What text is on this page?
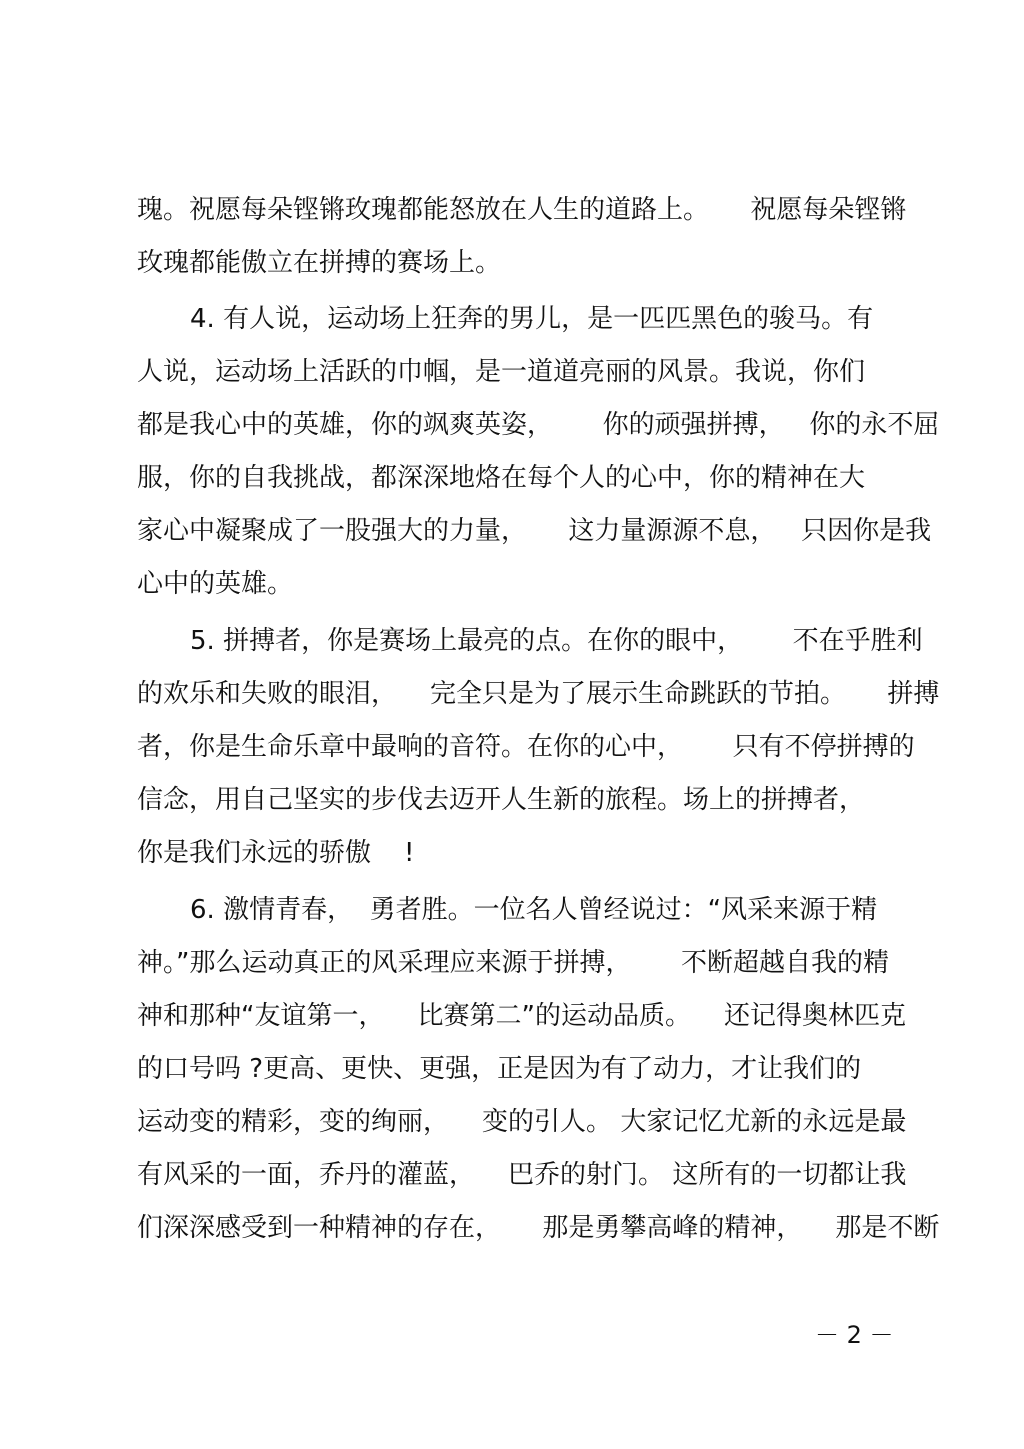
瑰。祝愿每朵铿锵玫瑰都能怒放在人生的道路上。     祝愿每朵铿锵
玫瑰都能傲立在拼搏的赛场上。
4. 有人说，运动场上狂奔的男儿，是一匹匹黑色的骏马。有
人说，运动场上活跃的巾帼，是一道道亮丽的风景。我说，你们
都是我心中的英雄，你的飒爽英姿，      你的顽强拼搏，   你的永不屈
服，你的自我挑战，都深深地烙在每个人的心中，你的精神在大
家心中凝聚成了一股强大的力量，     这力量源源不息，   只因你是我
心中的英雄。
5. 拼搏者，你是赛场上最亮的点。在你的眼中，      不在乎胜利
的欢乐和失败的眼泪，    完全只是为了展示生命跳跃的节拍。     拼搏
者，你是生命乐章中最响的音符。在你的心中，      只有不停拼搏的
信念，用自己坚实的步伐去迈开人生新的旅程。场上的拼搏者，
你是我们永远的骄傲    !
6. 激情青春，  勇者胜。一位名人曾经说过：“风采来源于精
神。”那么运动真正的风采理应来源于拼搏，      不断超越自我的精
神和那种“友谊第一，    比赛第二”的运动品质。    还记得奥林匹克
的口号吗 ?更高、更快、更强，正是因为有了动力，才让我们的
运动变的精彩，变的绚丽，    变的引人。 大家记忆尤新的永远是最
有风采的一面，乔丹的灌蓝，    巴乔的射门。 这所有的一切都让我
们深深感受到一种精神的存在，     那是勇攀高峰的精神，    那是不断
－ 2 －
